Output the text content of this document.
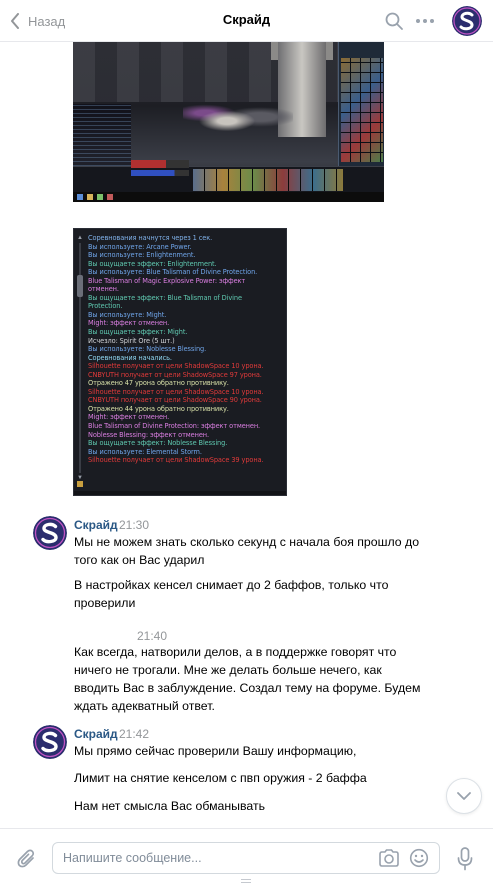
Назад	Скрайд
▲
▼
Соревнования начнутся через 1 сек.
Вы используете: Arcane Power.
Вы используете: Enlightenment.
Вы ощущаете эффект: Enlightenment.
Вы используете: Blue Talisman of Divine Protection.
Blue Talisman of Magic Explosive Power: эффект
отменен.
Вы ощущаете эффект: Blue Talisman of Divine
Protection.
Вы используете: Might.
Might: эффект отменен.
Вы ощущаете эффект: Might.
Исчезло: Spirit Ore (5 шт.)
Вы используете: Noblesse Blessing.
Соревнования начались.
Silhouette получает от цели ShadowSpace 10 урона.
CNBYUTH получает от цели ShadowSpace 97 урона.
Отражено 47 урона обратно противнику.
Silhouette получает от цели ShadowSpace 10 урона.
CNBYUTH получает от цели ShadowSpace 90 урона.
Отражено 44 урона обратно противнику.
Might: эффект отменен.
Blue Talisman of Divine Protection: эффект отменен.
Noblesse Blessing: эффект отменен.
Вы ощущаете эффект: Noblesse Blessing.
Вы используете: Elemental Storm.
Silhouette получает от цели ShadowSpace 39 урона.
Скрайд 21:30
Мы не можем знать сколько секунд с начала боя прошло до того как он Вас ударил
В настройках кенсел снимает до 2 баффов, только что проверили
21:40
Как всегда, натворили делов, а в поддержке говорят что ничего не трогали. Мне же делать больше нечего, как вводить Вас в заблуждение. Создал тему на форуме. Будем ждать адекватный ответ.
Скрайд 21:42
Мы прямо сейчас проверили Вашу информацию,
Лимит на снятие кенселом с пвп оружия - 2 баффа
Нам нет смысла Вас обманывать
Напишите сообщение...
